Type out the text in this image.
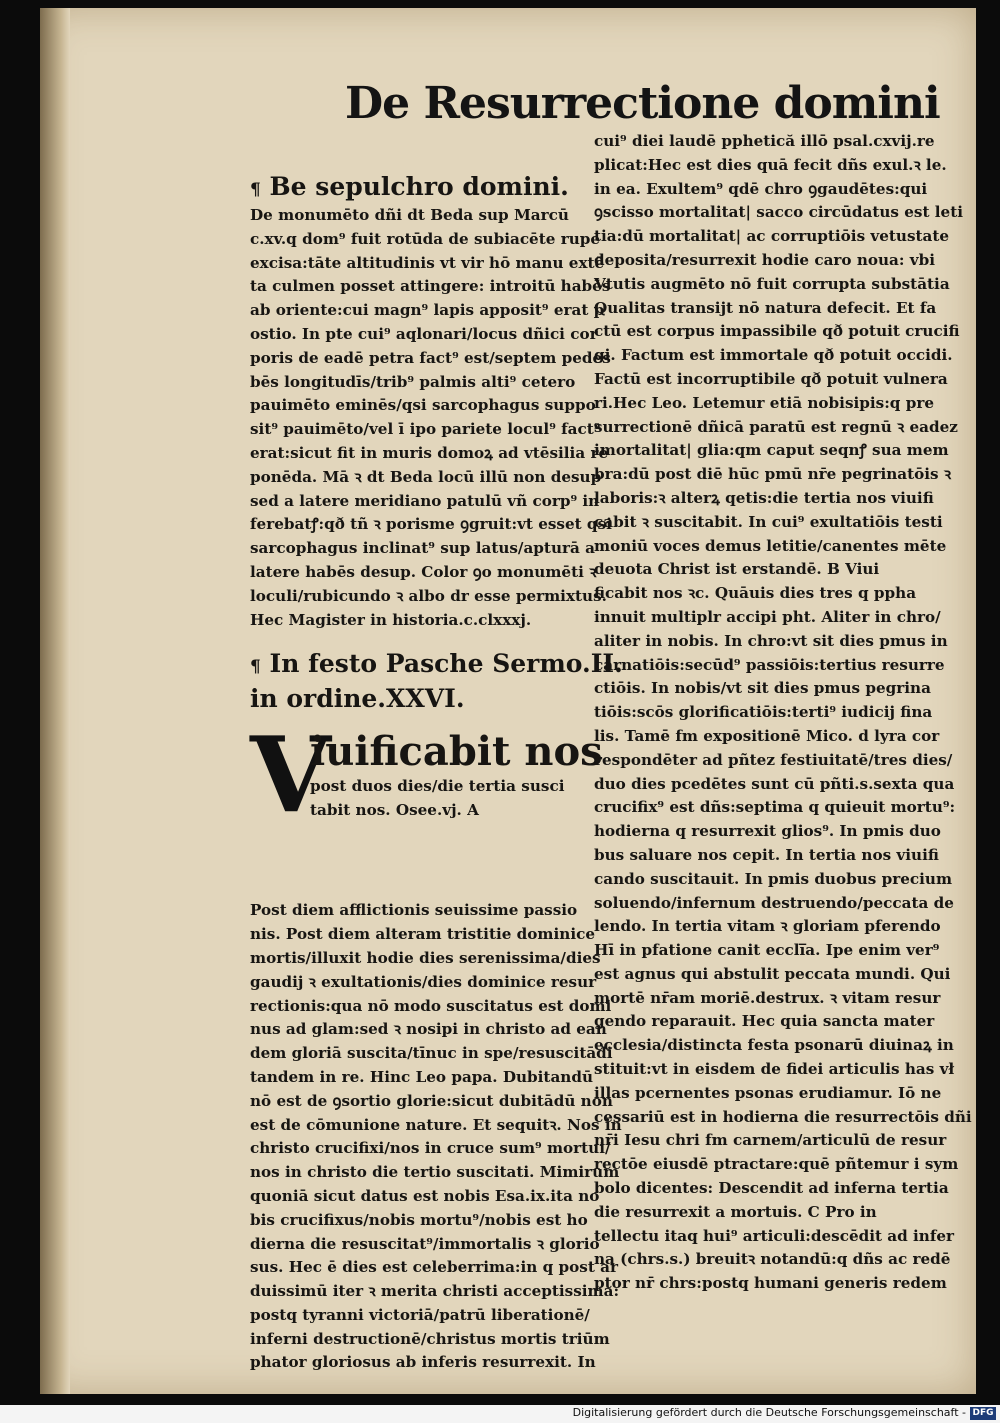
De Resurrectione domini
¶ Be sepulchro domini.
De monumēto dñi dt Beda sup Marcū
c.xv.q dom⁹ fuit rotūda de subiacēte rupe
excisa:tāte altitudinis vt vir hō manu extē
ta culmen posset attingere: introitū habēs
ab oriente:cui magn⁹ lapis apposit⁹ erat p
ostio. In pte cui⁹ aqlonari/locus dñici cor
poris de eadē petra fact⁹ est/septem pedes
bēs longitudīs/trib⁹ palmis alti⁹ cetero
pauimēto eminēs/qsi sarcophagus suppo
sit⁹ pauimēto/vel ī ipo pariete locul⁹ fact⁹
erat:sicut fit in muris domoꝝ ad vtēsilia re
ponēda. Mā ꝛ dt Beda locū illū non desup
sed a latere meridiano patulū vñ corp⁹ in
ferebatꝭ:qð tñ ꝛ porisme ꝯgruit:vt esset qsi
sarcophagus inclinat⁹ sup latus/apturā a
latere habēs desup. Color ꝯo monumēti ꝛ
loculi/rubicundo ꝛ albo dr esse permixtus.
Hec Magister in historia.c.clxxxj.
¶ In festo Pasche Sermo.II.
in ordine.XXVI.
V
iuificabit nos
post duos dies/die tertia susci
tabit nos. Osee.vj. A
Post diem afflictionis seuissime passio
nis. Post diem alteram tristitie dominice
mortis/illuxit hodie dies serenissima/dies
gaudij ꝛ exultationis/dies dominice resur
rectionis:qua nō modo suscitatus est domi
nus ad glam:sed ꝛ nosipi in christo ad ean
dem gloriā suscita/tīnuc in spe/resuscitādi
tandem in re. Hinc Leo papa. Dubitandū
nō est de ꝯsortio glorie:sicut dubitādū non
est de cōmunione nature. Et sequitꝛ. Nos in
christo crucifixi/nos in cruce sum⁹ mortui/
nos in christo die tertio suscitati. Mimirum
quoniā sicut datus est nobis Esa.ix.ita no
bis crucifixus/nobis mortu⁹/nobis est ho
dierna die resuscitat⁹/immortalis ꝛ glorio
sus. Hec ē dies est celeberrima:in q post ar
duissimū iter ꝛ merita christi acceptissima:
postq tyranni victoriā/patrū liberationē/
inferni destructionē/christus mortis triūm
phator gloriosus ab inferis resurrexit. In
cui⁹ diei laudē pphetică illō psal.cxvij.re
plicat:Hec est dies quā fecit dñs exul.ꝛ le.
in ea. Exultem⁹ qdē chro ꝯgaudētes:qui
ꝯscisso mortalitat| sacco circūdatus est leti
tia:dū mortalitat| ac corruptiōis vetustate
deposita/resurrexit hodie caro noua: vbi
Vtutis augmēto nō fuit corrupta substātia
Qualitas transijt nō natura defecit. Et fa
ctū est corpus impassibile qð potuit crucifi
gi. Factum est immortale qð potuit occidi.
Factū est incorruptibile qð potuit vulnera
ri.Hec Leo. Letemur etiā nobisipis:q pre
surrectionē dñicā paratū est regnū ꝛ eadez
imortalitat| glia:qm caput seqnꝭ sua mem
bra:dū post diē hūc pmū nr̄e pegrinatōis ꝛ
laboris:ꝛ alterꝝ qetis:die tertia nos viuifi
cabit ꝛ suscitabit. In cui⁹ exultatiōis testi
moniū voces demus letitie/canentes mēte
deuota Christ ist erstandē. B Viui
ficabit nos ꝛc. Quāuis dies tres q ppha
innuit multiplr accipi pht. Aliter in chro/
aliter in nobis. In chro:vt sit dies pmus in
carnatiōis:secūd⁹ passiōis:tertius resurre
ctiōis. In nobis/vt sit dies pmus pegrina
tiōis:scōs glorificatiōis:terti⁹ iudicij fina
lis. Tamē fm expositionē Mico. d lyra cor
respondēter ad pñtez festiuitatē/tres dies/
duo dies pcedētes sunt cū pñti.s.sexta qua
crucifix⁹ est dñs:septima q quieuit mortu⁹:
hodierna q resurrexit glios⁹. In pmis duo
bus saluare nos cepit. In tertia nos viuifi
cando suscitauit. In pmis duobus precium
soluendo/infernum destruendo/peccata de
lendo. In tertia vitam ꝛ gloriam pferendo
Hī in pfatione canit eccli̅a. Ipe enim ver⁹
est agnus qui abstulit peccata mundi. Qui
mortē nr̄am moriē.destrux. ꝛ vitam resur
gendo reparauit. Hec quia sancta mater
ecclesia/distincta festa psonarū diuinaꝝ in
stituit:vt in eisdem de fidei articulis has vł
illas pcernentes psonas erudiamur. Iō ne
cessariū est in hodierna die resurrectōis dñi
nr̄i Iesu chri fm carnem/articulū de resur
rectōe eiusdē ptractare:quē pñtemur i sym
bolo dicentes: Descendit ad inferna tertia
die resurrexit a mortuis. C Pro in
tellectu itaq hui⁹ articuli:descēdit ad infer
na (chrs.s.) breuitꝛ notandū:q dñs ac redē
ptor nr̄ chrs:postq humani generis redem
Digitalisierung gefördert durch die Deutsche Forschungsgemeinschaft - DFG
